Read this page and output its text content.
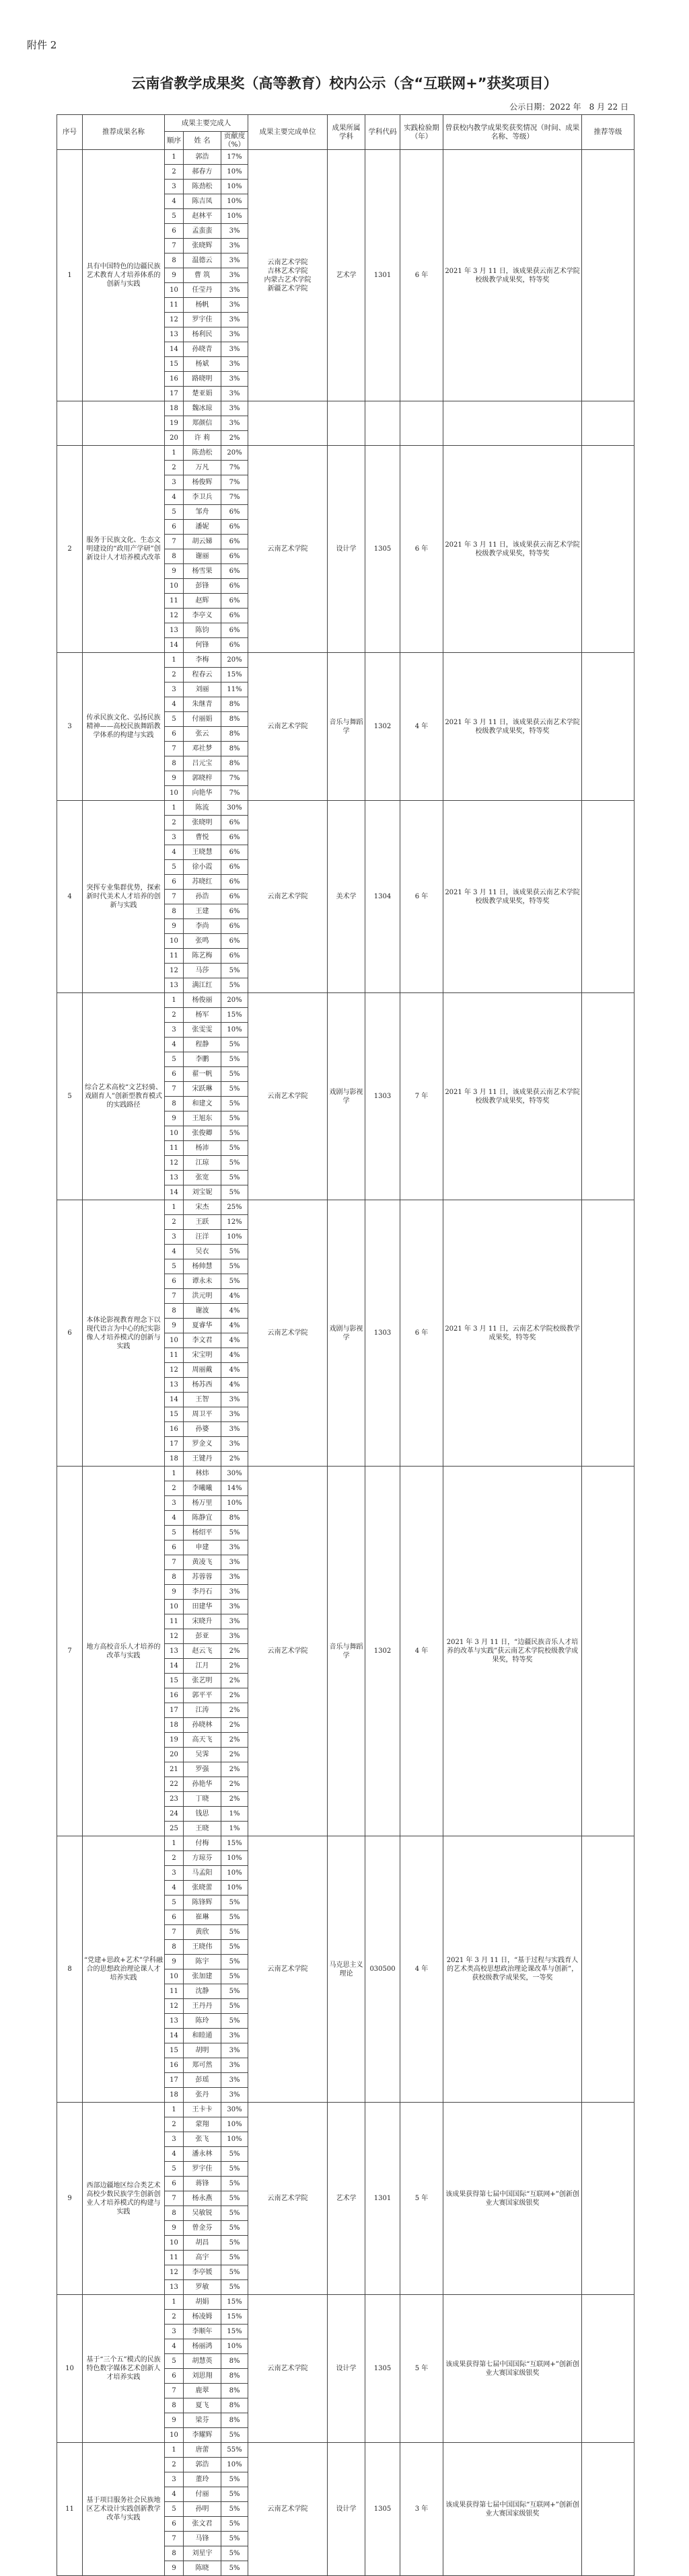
附件 2
云南省教学成果奖（高等教育）校内公示（含“互联网+”获奖项目）
公示日期：2022 年　8 月 22 日
序号	推荐成果名称	成果主要完成人			成果主要完成单位	成果所属学科	学科代码	实践检验期（年）	曾获校内教学成果奖获奖情况（时间、成果名称、等级）	推荐等级
		顺序	姓 名	贡献度（%）						
1	具有中国特色的边疆民族艺术教育人才培养体系的创新与实践	1	郭浩	17%	云南艺术学院
吉林艺术学院
内蒙古艺术学院
新疆艺术学院	艺术学	1301	6 年	2021 年 3 月 11 日，该成果获云南艺术学院校级教学成果奖，特等奖	
		2	郝春方	10%						
		3	陈劲松	10%						
		4	陈吉凤	10%						
		5	赵林平	10%						
		6	孟蛮蛮	3%						
		7	张晓辉	3%						
		8	温德云	3%						
		9	曹 筑	3%						
		10	任莹丹	3%						
		11	杨帆	3%						
		12	罗宇佳	3%						
		13	杨利民	3%						
		14	孙晓青	3%						
		15	杨斌	3%						
		16	路晓明	3%						
		17	楚亚娟	3%						
		18	魏冰琼	3%						
		19	郑颜信	3%						
		20	许 莉	2%						
2	服务于民族文化、生态文明建设的“政用产学研”创新设计人才培养模式改革	1	陈劲松	20%	云南艺术学院	设计学	1305	6 年	2021 年 3 月 11 日，该成果获云南艺术学院校级教学成果奖，特等奖	
		2	万凡	7%						
		3	杨俊辉	7%						
		4	李卫兵	7%						
		5	邹舟	6%						
		6	潘妮	6%						
		7	胡云娣	6%						
		8	谢丽	6%						
		9	杨雪果	6%						
		10	彭锋	6%						
		11	赵辉	6%						
		12	李亭义	6%						
		13	陈钧	6%						
		14	何锋	6%						
3	传承民族文化、弘扬民族精神——高校民族舞蹈教学体系的构建与实践	1	李梅	20%	云南艺术学院	音乐与舞蹈学	1302	4 年	2021 年 3 月 11 日，该成果获云南艺术学院校级教学成果奖，特等奖	
		2	程春云	15%						
		3	刘丽	11%						
		4	朱继青	8%						
		5	付丽娟	8%						
		6	张云	8%						
		7	邓社梦	8%						
		8	吕元宝	8%						
		9	郭晓梓	7%						
		10	向艳华	7%						
4	突挥专业集群优势，探索新时代美术人才培养的创新与实践	1	陈流	30%	云南艺术学院	美术学	1304	6 年	2021 年 3 月 11 日，该成果获云南艺术学院校级教学成果奖，特等奖	
		2	张晓明	6%						
		3	曹悦	6%						
		4	王晓慧	6%						
		5	徐小霞	6%						
		6	苏晓红	6%						
		7	孙浩	6%						
		8	王建	6%						
		9	李尚	6%						
		10	张鸣	6%						
		11	陈艺梅	6%						
		12	马莎	5%						
		13	满江红	5%						
5	综合艺术高校“文艺轻骑、戏剧育人”创新型教育模式的实践路径	1	杨俊丽	20%	云南艺术学院	戏剧与影视学	1303	7 年	2021 年 3 月 11 日，该成果获云南艺术学院校级教学成果奖，特等奖	
		2	杨军	15%						
		3	张雯雯	10%						
		4	程静	5%						
		5	李鹏	5%						
		6	翟一帆	5%						
		7	宋跃琳	5%						
		8	和建文	5%						
		9	王旭东	5%						
		10	张俊卿	5%						
		11	杨沛	5%						
		12	江琼	5%						
		13	张宽	5%						
		14	刘宝妮	5%						
6	本体论影视教育理念下以现代语言为中心的纪实影像人才培养模式的创新与实践	1	宋杰	25%	云南艺术学院	戏剧与影视学	1303	6 年	2021 年 3 月 11 日，云南艺术学院校级教学成果奖，特等奖	
		2	王跃	12%						
		3	汪洋	10%						
		4	吴衣	5%						
		5	杨帅慧	5%						
		6	谭永未	5%						
		7	洪元明	4%						
		8	谢波	4%						
		9	夏睿华	4%						
		10	李文君	4%						
		11	宋宝明	4%						
		12	周丽戴	4%						
		13	杨苏西	4%						
		14	王智	3%						
		15	周卫平	3%						
		16	孙婆	3%						
		17	罗金义	3%						
		18	王键丹	2%						
7	地方高校音乐人才培养的改革与实践	1	林炜	30%	云南艺术学院	音乐与舞蹈学	1302	4 年	2021 年 3 月 11 日，“边疆民族音乐人才培养的改革与实践”获云南艺术学院校级教学成果奖，特等奖	
		2	李曦曦	14%						
		3	杨万里	10%						
		4	陈静宜	8%						
		5	杨绍平	5%						
		6	申建	3%						
		7	黄凌飞	3%						
		8	苏蓉蓉	3%						
		9	李丹石	3%						
		10	田建华	3%						
		11	宋晓升	3%						
		12	彭亚	3%						
		13	赵云飞	2%						
		14	江月	2%						
		15	张艺明	2%						
		16	郭平平	2%						
		17	江涛	2%						
		18	孙晓林	2%						
		19	高天飞	2%						
		20	吴霁	2%						
		21	罗强	2%						
		22	孙艳华	2%						
		23	丁晓	2%						
		24	钱思	1%						
		25	王晓	1%						
8	“党建+思政+艺术”学科融合的思想政治理论课人才培养实践	1	付梅	15%	云南艺术学院	马克思主义理论	030500	4 年	2021 年 3 月 11 日，“基于过程与实践育人的艺术类高校思想政治理论课改革与创新”，获校级教学成果奖，一等奖	
		2	方琼芬	10%						
		3	马孟阳	10%						
		4	张晓蕾	10%						
		5	陈锋辉	5%						
		6	崔琳	5%						
		7	黄欣	5%						
		8	王晓伟	5%						
		9	陈宇	5%						
		10	张加建	5%						
		11	沈静	5%						
		12	王丹丹	5%						
		13	陈玲	5%						
		14	和睦通	3%						
		15	胡明	3%						
		16	郑可然	3%						
		17	彭瑶	3%						
		18	张丹	3%						
9	西部边疆地区综合类艺术高校少数民族学生创新创业人才培养模式的构建与实践	1	王卡卡	30%	云南艺术学院	艺术学	1301	5 年	该成果获得第七届中国国际“互联网+”创新创业大赛国家级银奖	
		2	蒙翔	10%						
		3	张飞	10%						
		4	潘永林	5%						
		5	罗宇佳	5%						
		6	蒋锋	5%						
		7	杨永燕	5%						
		8	吴敏锐	5%						
		9	曾金芬	5%						
		10	胡昌	5%						
		11	高宇	5%						
		12	李亭媛	5%						
		13	罗敏	5%						
10	基于“三个五”模式的民族特色数字媒体艺术创新人才培养实践	1	胡娟	15%	云南艺术学院	设计学	1305	5 年	该成果获得第七届中国国际“互联网+”创新创业大赛国家级银奖	
		2	杨凌姆	15%						
		3	李顺年	15%						
		4	杨丽鸿	10%						
		5	胡慧英	8%						
		6	刘思翔	8%						
		7	鹿翠	8%						
		8	夏飞	8%						
		9	梁芬	8%						
		10	李耀辉	5%						
11	基于项目服务社会民族地区艺术设计实践创新教学改革与实践	1	唐蕾	55%	云南艺术学院	设计学	1305	3 年	该成果获得第七届中国国际“互联网+”创新创业大赛国家级银奖	
		2	郭浩	10%						
		3	董玲	5%						
		4	付丽	5%						
		5	孙明	5%						
		6	张文君	5%						
		7	马锋	5%						
		8	刘星宇	5%						
		9	陈晓	5%						
